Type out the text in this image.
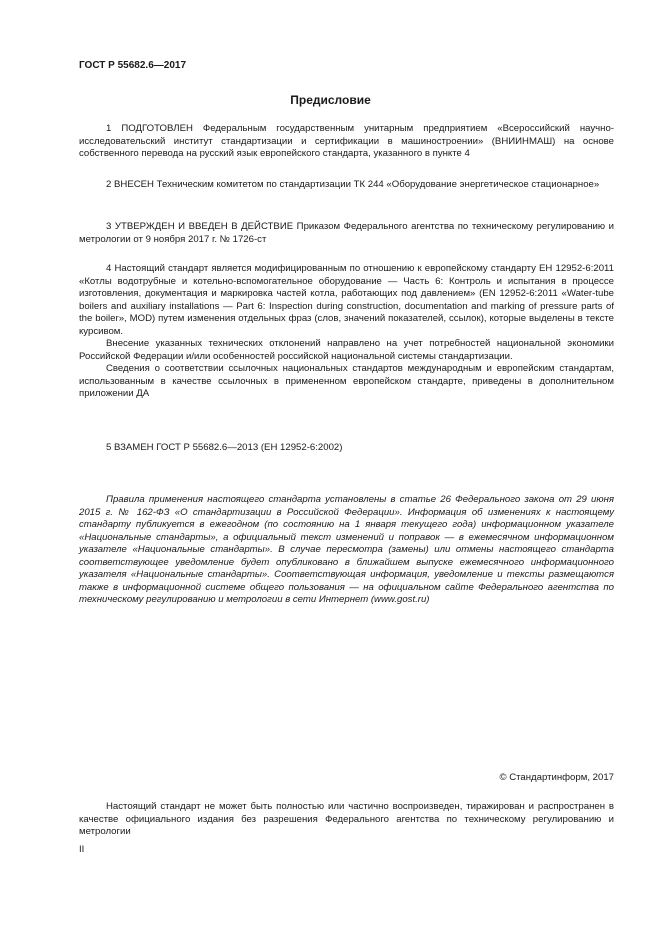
ГОСТ Р 55682.6—2017
Предисловие

1 ПОДГОТОВЛЕН Федеральным государственным унитарным предприятием «Всероссийский научно-исследовательский институт стандартизации и сертификации в машиностроении» (ВНИИНМАШ) на основе собственного перевода на русский язык европейского стандарта, указанного в пункте 4

2 ВНЕСЕН Техническим комитетом по стандартизации ТК 244 «Оборудование энергетическое стационарное»

3 УТВЕРЖДЕН И ВВЕДЕН В ДЕЙСТВИЕ Приказом Федерального агентства по техническому регулированию и метрологии от 9 ноября 2017 г. № 1726-ст

4 Настоящий стандарт является модифицированным по отношению к европейскому стандарту ЕН 12952-6:2011 «Котлы водотрубные и котельно-вспомогательное оборудование — Часть 6: Контроль и испытания в процессе изготовления, документация и маркировка частей котла, работающих под давлением» (EN 12952-6:2011 «Water-tube boilers and auxiliary installations — Part 6: Inspection during construction, documentation and marking of pressure parts of the boiler», MOD) путем изменения отдельных фраз (слов, значений показателей, ссылок), которые выделены в тексте курсивом.

Внесение указанных технических отклонений направлено на учет потребностей национальной экономики Российской Федерации и/или особенностей российской национальной системы стандартизации.

Сведения о соответствии ссылочных национальных стандартов международным и европейским стандартам, использованным в качестве ссылочных в примененном европейском стандарте, приведены в дополнительном приложении ДА

5 ВЗАМЕН ГОСТ Р 55682.6—2013 (ЕН 12952-6:2002)

Правила применения настоящего стандарта установлены в статье 26 Федерального закона от 29 июня 2015 г. № 162-ФЗ «О стандартизации в Российской Федерации». Информация об изменениях к настоящему стандарту публикуется в ежегодном (по состоянию на 1 января текущего года) информационном указателе «Национальные стандарты», а официальный текст изменений и поправок — в ежемесячном информационном указателе «Национальные стандарты». В случае пересмотра (замены) или отмены настоящего стандарта соответствующее уведомление будет опубликовано в ближайшем выпуске ежемесячного информационного указателя «Национальные стандарты». Соответствующая информация, уведомление и тексты размещаются также в информационной системе общего пользования — на официальном сайте Федерального агентства по техническому регулированию и метрологии в сети Интернет (www.gost.ru)
© Стандартинформ, 2017
Настоящий стандарт не может быть полностью или частично воспроизведен, тиражирован и распространен в качестве официального издания без разрешения Федерального агентства по техническому регулированию и метрологии
II
